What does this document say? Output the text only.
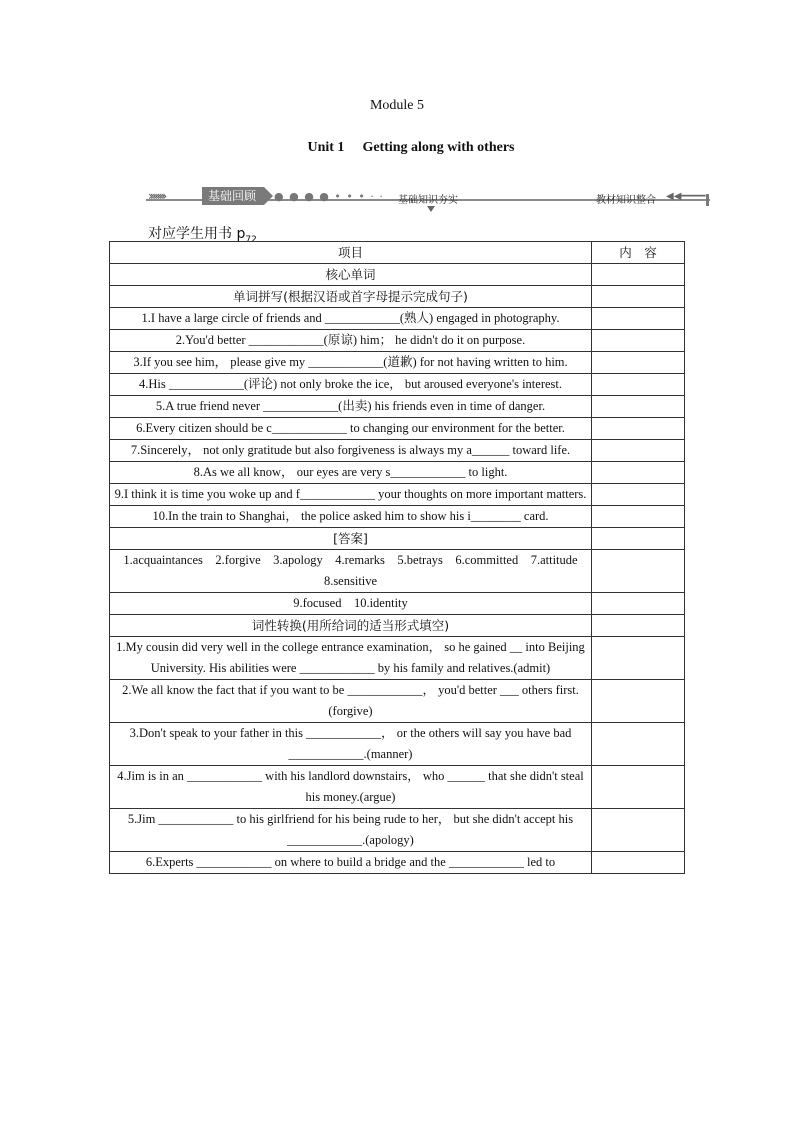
Module 5
Unit 1 Getting along with others
›››››››››	基础回顾	● ● ● ● • • • · · 基础知识夯实	教材知识整合 ◀◀━━━━
对应学生用书 $p_{72}$
项目	内　容
核心单词	
单词拼写(根据汉语或首字母提示完成句子)	
1.I have a large circle of friends and ____________(熟人) engaged in photography.	
2.You'd better ____________(原谅) him； he didn't do it on purpose.	
3.If you see him， please give my ____________(道歉) for not having written to him.	
4.His ____________(评论) not only broke the ice， but aroused everyone's interest.	
5.A true friend never ____________(出卖) his friends even in time of danger.	
6.Every citizen should be c____________ to changing our environment for the better.	
7.Sincerely， not only gratitude but also forgiveness is always my a______ toward life.	
8.As we all know， our eyes are very s____________ to light.	
9.I think it is time you woke up and f____________ your thoughts on more important matters.	
10.In the train to Shanghai， the police asked him to show his i________ card.	
[答案]	
1.acquaintances　2.forgive　3.apology　4.remarks　5.betrays　6.committed　7.attitude　8.sensitive	
9.focused　10.identity	
词性转换(用所给词的适当形式填空)	
1.My cousin did very well in the college entrance examination， so he gained __ into Beijing University. His abilities were ____________ by his family and relatives.(admit)	
2.We all know the fact that if you want to be ____________， you'd better ___ others first.(forgive)	
3.Don't speak to your father in this ____________， or the others will say you have bad ____________.(manner)	
4.Jim is in an ____________ with his landlord downstairs， who ______ that she didn't steal his money.(argue)	
5.Jim ____________ to his girlfriend for his being rude to her， but she didn't accept his ____________.(apology)	
6.Experts ____________ on where to build a bridge and the ____________ led to	
